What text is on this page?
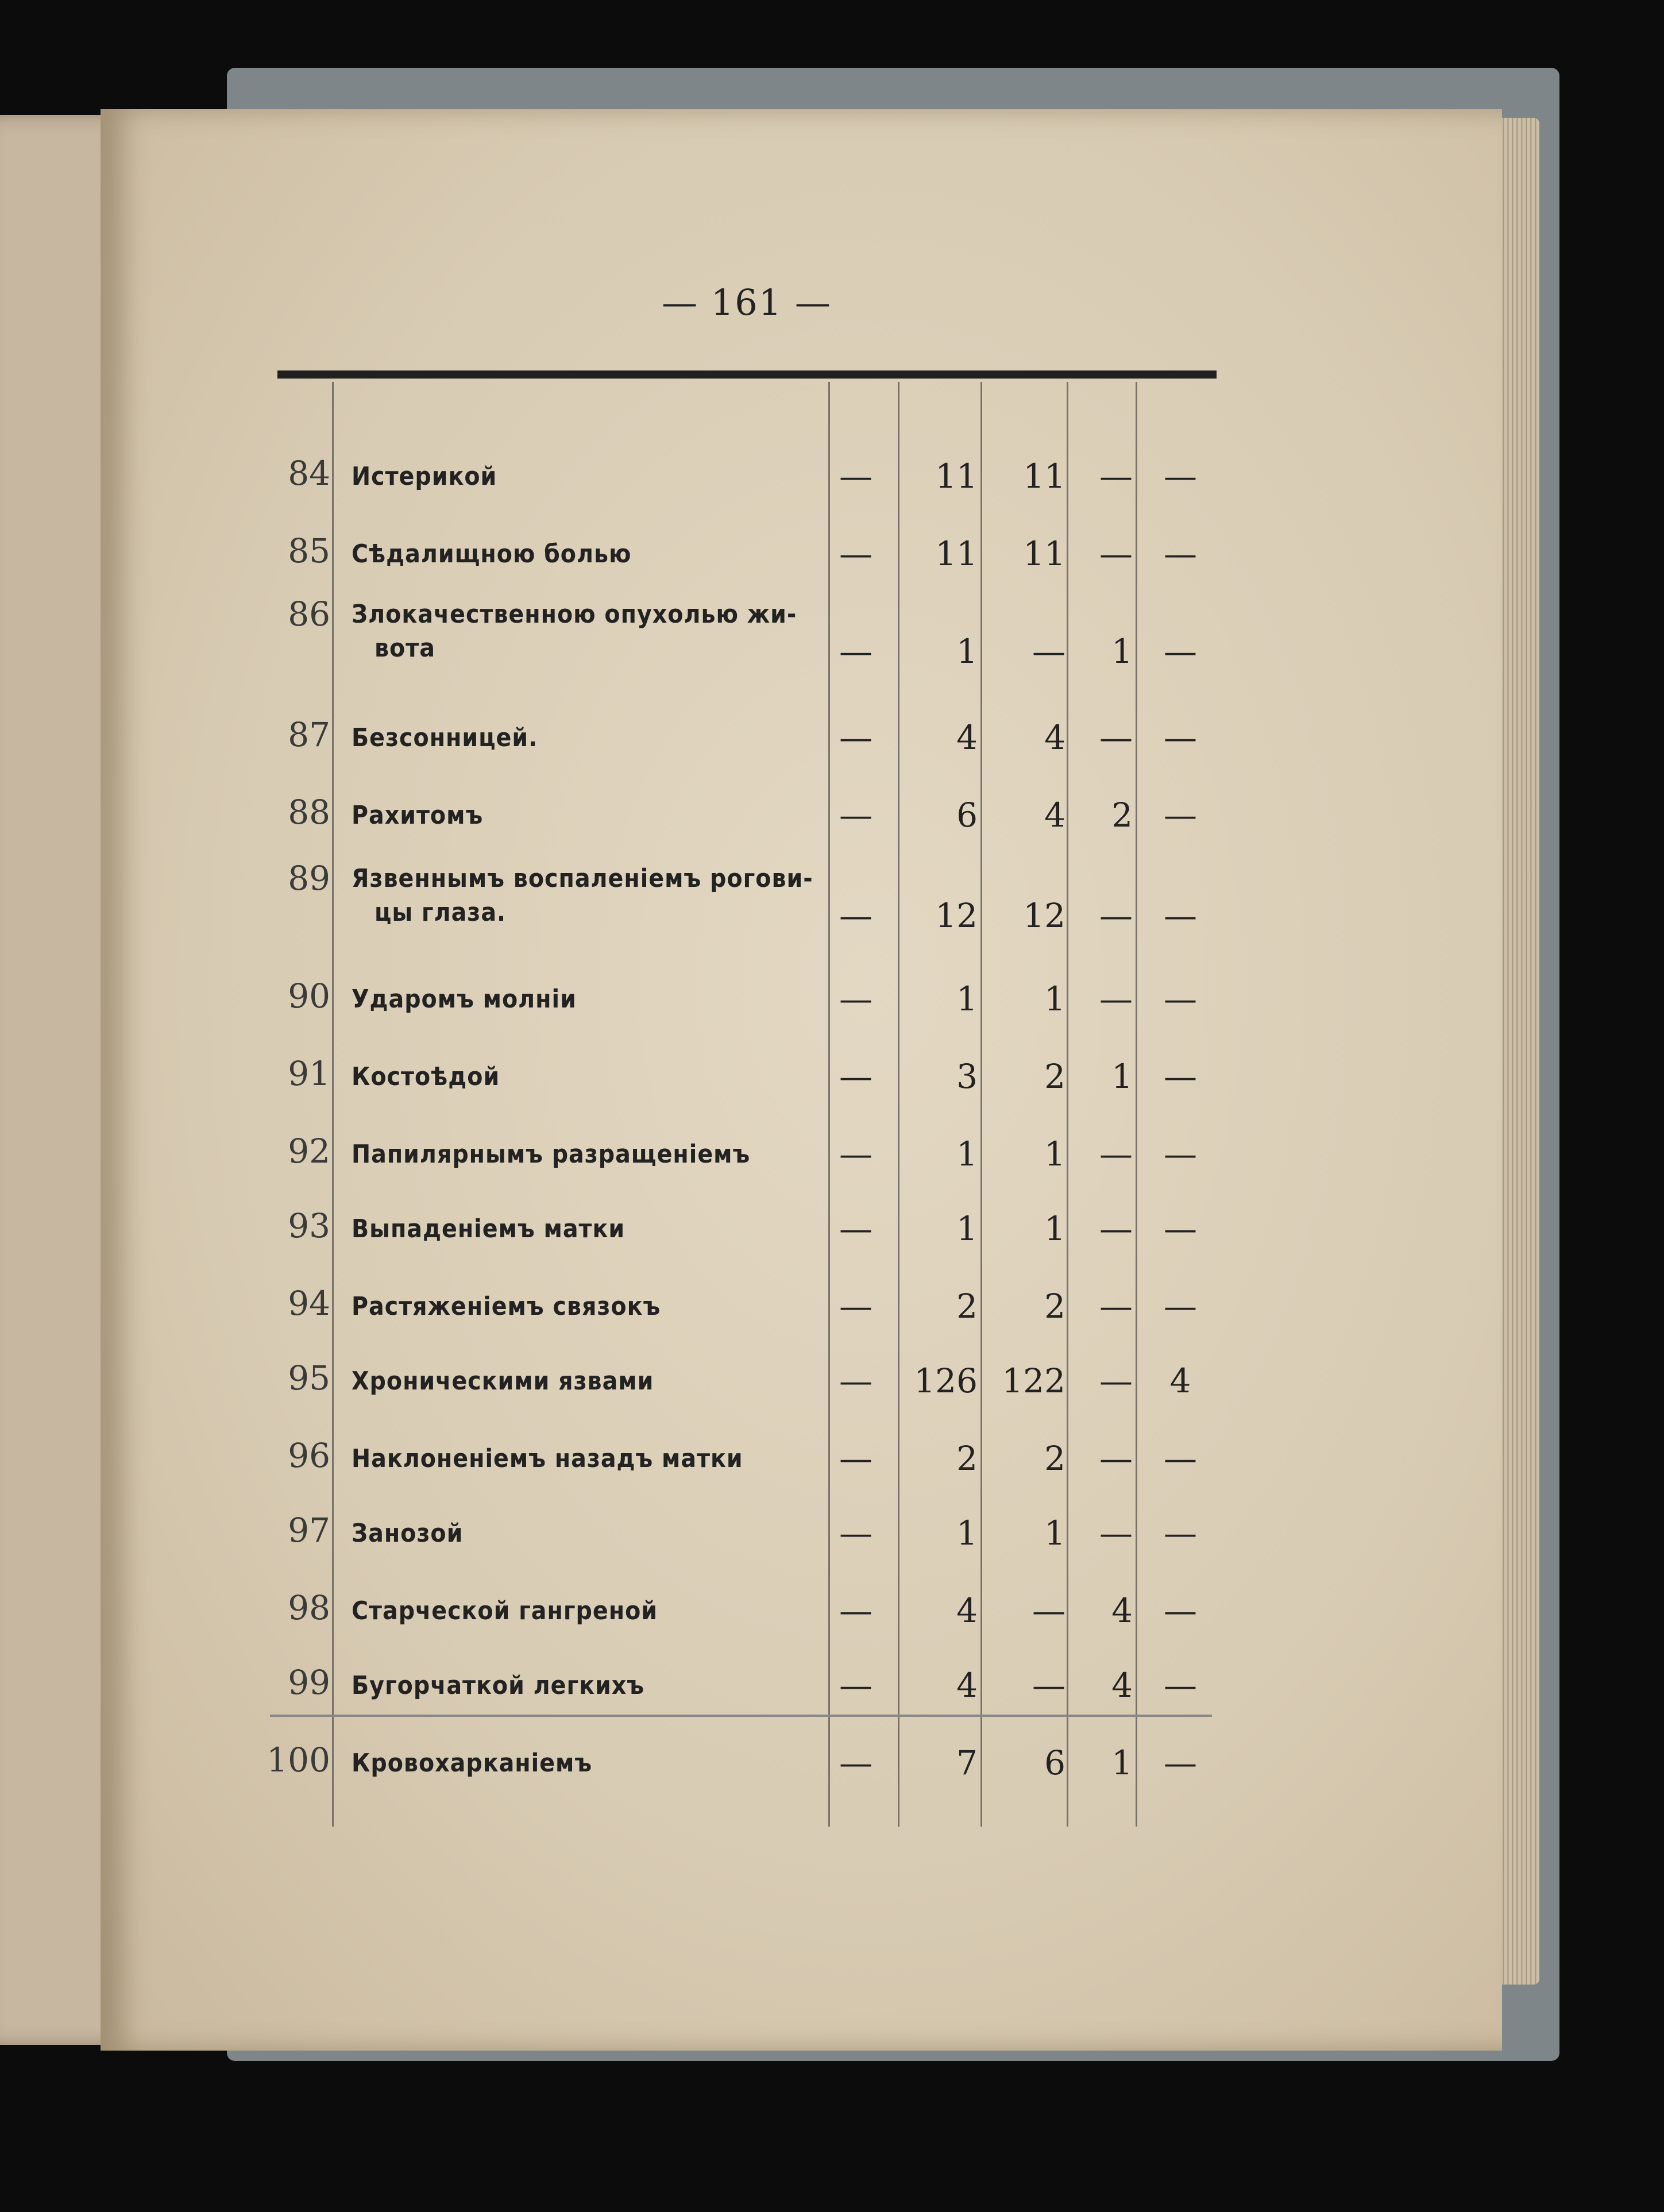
— 161 —
84 Истерикой	—	11	11	— —
85 Сѣдалищною болью	—	11	11	— —
86 Злокачественною опухолью жи-
вота	—	1	—	1 —
87 Безсонницей.	—	4	4	— —
88 Рахитомъ	—	6	4	2 —
89 Язвеннымъ воспаленіемъ рогови-
цы глаза.	—	12	12	— —
90 Ударомъ молніи	—	1	1	— —
91 Костоѣдой	—	3	2	1 —
92 Папилярнымъ разращеніемъ	—	1	1	— —
93 Выпаденіемъ матки	—	1	1	— —
94 Растяженіемъ связокъ	—	2	2	— —
95 Хроническими язвами	—	126 122	—	4
96 Наклоненіемъ назадъ матки	—	2	2	— —
97 Занозой	—	1	1	— —
98 Старческой гангреной	—	4	—	4 —
99 Бугорчаткой легкихъ	—	4	—	4 —
100 Кровохарканіемъ	—	7	6	1 —
